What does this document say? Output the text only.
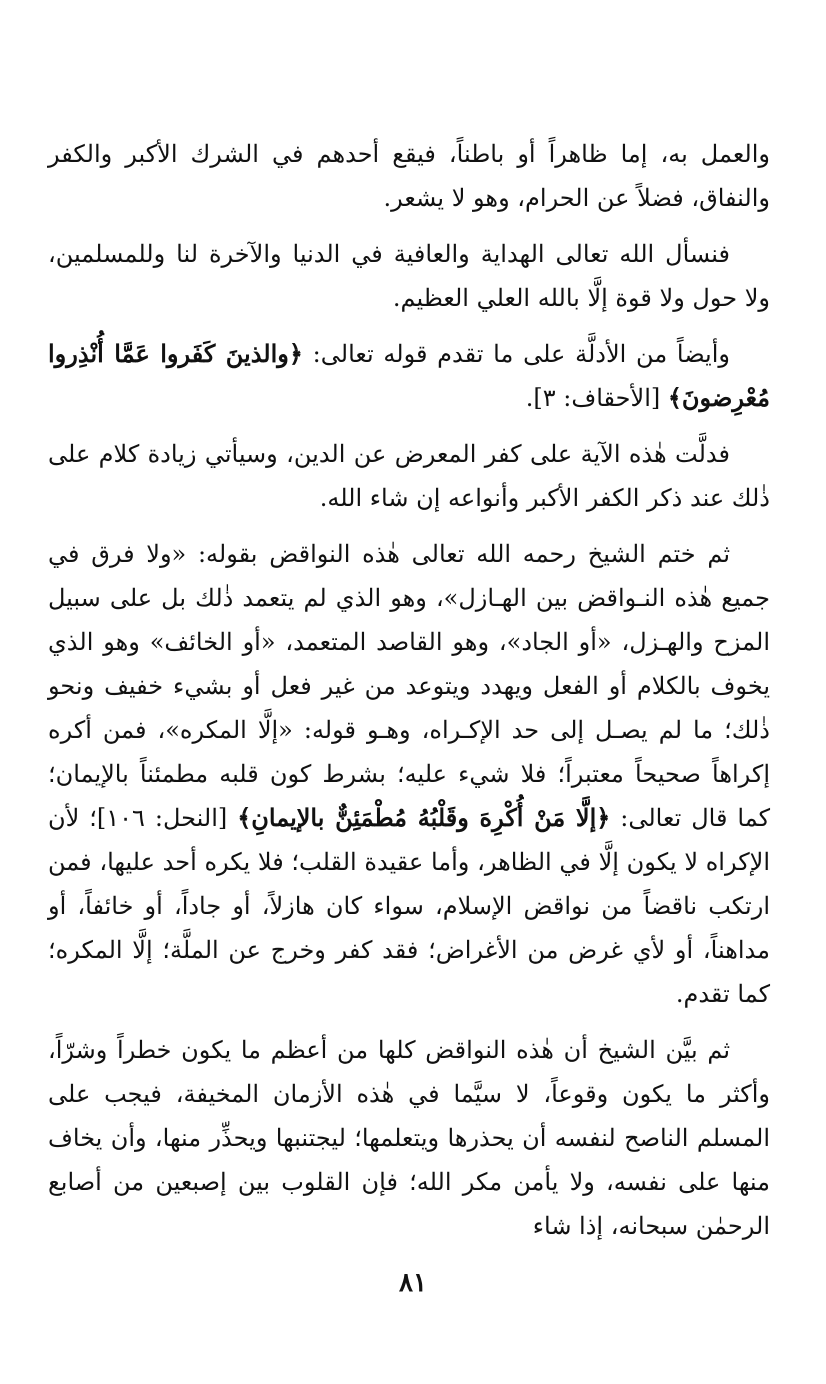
والعمل به، إما ظاهراً أو باطناً، فيقع أحدهم في الشرك الأكبر والكفر والنفاق، فضلاً عن الحرام، وهو لا يشعر.

فنسأل الله تعالى الهداية والعافية في الدنيا والآخرة لنا وللمسلمين، ولا حول ولا قوة إلَّا بالله العلي العظيم.

وأيضاً من الأدلَّة على ما تقدم قوله تعالى: ﴿والذينَ كَفَروا عَمَّا أُنْذِروا مُعْرِضونَ﴾ [الأحقاف: ٣].

فدلَّت هٰذه الآية على كفر المعرض عن الدين، وسيأتي زيادة كلام على ذٰلك عند ذكر الكفر الأكبر وأنواعه إن شاء الله.

ثم ختم الشيخ رحمه الله تعالى هٰذه النواقض بقوله: «ولا فرق في جميع هٰذه النـواقض بين الهـازل»، وهو الذي لم يتعمد ذٰلك بل على سبيل المزح والهـزل، «أو الجاد»، وهو القاصد المتعمد، «أو الخائف» وهو الذي يخوف بالكلام أو الفعل ويهدد ويتوعد من غير فعل أو بشيء خفيف ونحو ذٰلك؛ ما لم يصـل إلى حد الإكـراه، وهـو قوله: «إلَّا المكره»، فمن أكره إكراهاً صحيحاً معتبراً؛ فلا شيء عليه؛ بشرط كون قلبه مطمئناً بالإيمان؛ كما قال تعالى: ﴿إلَّا مَنْ أُكْرِهَ وقَلْبُهُ مُطْمَئِنٌّ بالإيمانِ﴾ [النحل: ١٠٦]؛ لأن الإكراه لا يكون إلَّا في الظاهر، وأما عقيدة القلب؛ فلا يكره أحد عليها، فمن ارتكب ناقضاً من نواقض الإسلام، سواء كان هازلاً، أو جاداً، أو خائفاً، أو مداهناً، أو لأي غرض من الأغراض؛ فقد كفر وخرج عن الملَّة؛ إلَّا المكره؛ كما تقدم.

ثم بيَّن الشيخ أن هٰذه النواقض كلها من أعظم ما يكون خطراً وشرّاً، وأكثر ما يكون وقوعاً، لا سيَّما في هٰذه الأزمان المخيفة، فيجب على المسلم الناصح لنفسه أن يحذرها ويتعلمها؛ ليجتنبها ويحذِّر منها، وأن يخاف منها على نفسه، ولا يأمن مكر الله؛ فإن القلوب بين إصبعين من أصابع الرحمٰن سبحانه، إذا شاء

٨١
